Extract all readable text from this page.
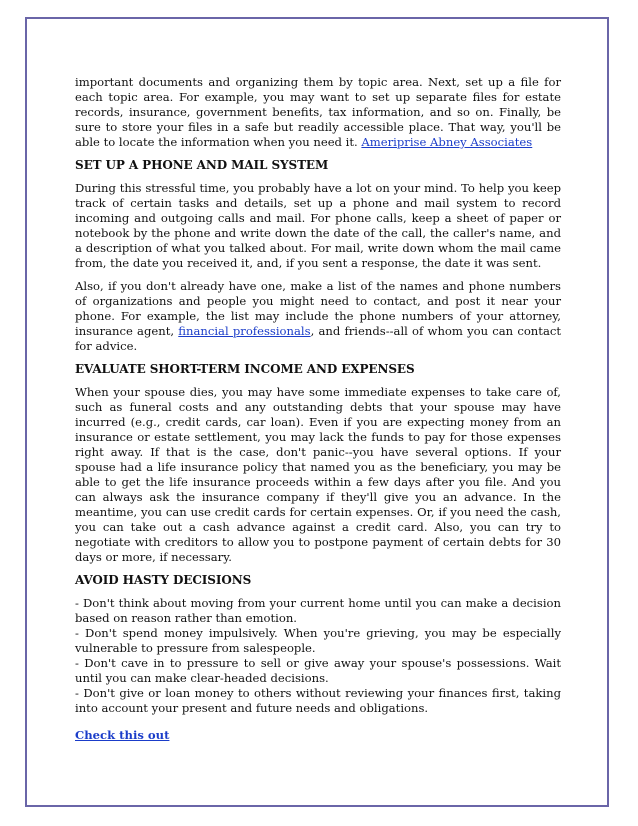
important documents and organizing them by topic area. Next, set up a file for each topic area. For example, you may want to set up separate files for estate records, insurance, government benefits, tax information, and so on. Finally, be sure to store your files in a safe but readily accessible place. That way, you'll be able to locate the information when you need it. Ameriprise Abney Associates

SET UP A PHONE AND MAIL SYSTEM

During this stressful time, you probably have a lot on your mind. To help you keep track of certain tasks and details, set up a phone and mail system to record incoming and outgoing calls and mail. For phone calls, keep a sheet of paper or notebook by the phone and write down the date of the call, the caller's name, and a description of what you talked about. For mail, write down whom the mail came from, the date you received it, and, if you sent a response, the date it was sent.

Also, if you don't already have one, make a list of the names and phone numbers of organizations and people you might need to contact, and post it near your phone. For example, the list may include the phone numbers of your attorney, insurance agent, financial professionals, and friends--all of whom you can contact for advice.

EVALUATE SHORT-TERM INCOME AND EXPENSES

When your spouse dies, you may have some immediate expenses to take care of, such as funeral costs and any outstanding debts that your spouse may have incurred (e.g., credit cards, car loan). Even if you are expecting money from an insurance or estate settlement, you may lack the funds to pay for those expenses right away. If that is the case, don't panic--you have several options. If your spouse had a life insurance policy that named you as the beneficiary, you may be able to get the life insurance proceeds within a few days after you file. And you can always ask the insurance company if they'll give you an advance. In the meantime, you can use credit cards for certain expenses. Or, if you need the cash, you can take out a cash advance against a credit card. Also, you can try to negotiate with creditors to allow you to postpone payment of certain debts for 30 days or more, if necessary.

AVOID HASTY DECISIONS

- Don't think about moving from your current home until you can make a decision based on reason rather than emotion.

- Don't spend money impulsively. When you're grieving, you may be especially vulnerable to pressure from salespeople.

- Don't cave in to pressure to sell or give away your spouse's possessions. Wait until you can make clear-headed decisions.

- Don't give or loan money to others without reviewing your finances first, taking into account your present and future needs and obligations.

Check this out
